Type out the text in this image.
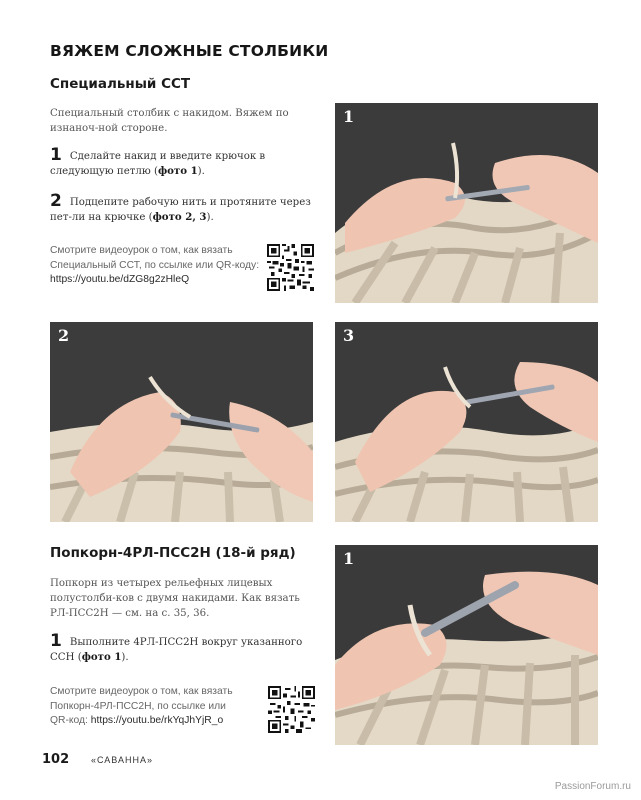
ВЯЖЕМ СЛОЖНЫЕ СТОЛБИКИ
Специальный ССТ
Специальный столбик с накидом. Вяжем по изнаноч-ной стороне.
1 Сделайте накид и введите крючок в следующую петлю (фото 1).
2 Подцепите рабочую нить и протяните через пет-ли на крючке (фото 2, 3).
Смотрите видеоурок о том, как вязать Специальный ССТ, по ссылке или QR-коду:
https://youtu.be/dZG8g2zHleQ
1
2	3
Попкорн-4РЛ-ПСС2Н (18-й ряд)
Попкорн из четырех рельефных лицевых полустолби-ков с двумя накидами. Как вязать РЛ-ПСС2Н — см. на с. 35, 36.
1 Выполните 4РЛ-ПСС2Н вокруг указанного ССН (фото 1).
Смотрите видеоурок о том, как вязать Попкорн-4РЛ-ПСС2Н, по ссылке или
QR-код: https://youtu.be/rkYqJhYjR_o
1
102 «САВАННА»
PassionForum.ru
